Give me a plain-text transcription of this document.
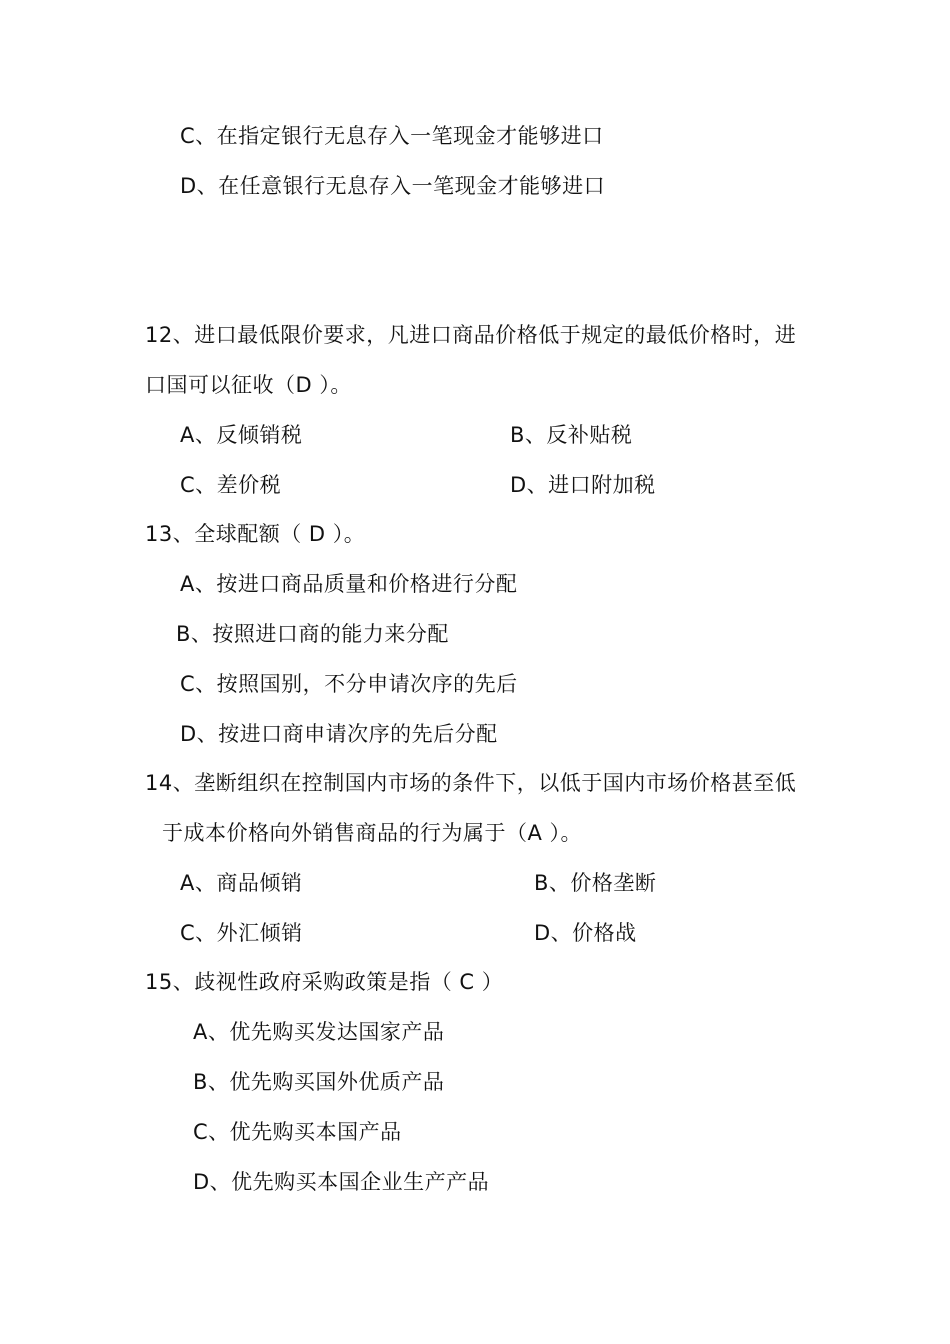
C、在指定银行无息存入一笔现金才能够进口
D、在任意银行无息存入一笔现金才能够进口
12、进口最低限价要求，凡进口商品价格低于规定的最低价格时，进
口国可以征收（D ）。
A、反倾销税	B、反补贴税
C、差价税	D、进口附加税
13、全球配额（ D ）。
A、按进口商品质量和价格进行分配
B、按照进口商的能力来分配
C、按照国别，不分申请次序的先后
D、按进口商申请次序的先后分配
14、垄断组织在控制国内市场的条件下，以低于国内市场价格甚至低
于成本价格向外销售商品的行为属于（A ）。
A、商品倾销	B、价格垄断
C、外汇倾销	D、价格战
15、歧视性政府采购政策是指（ C ）
A、优先购买发达国家产品
B、优先购买国外优质产品
C、优先购买本国产品
D、优先购买本国企业生产产品
